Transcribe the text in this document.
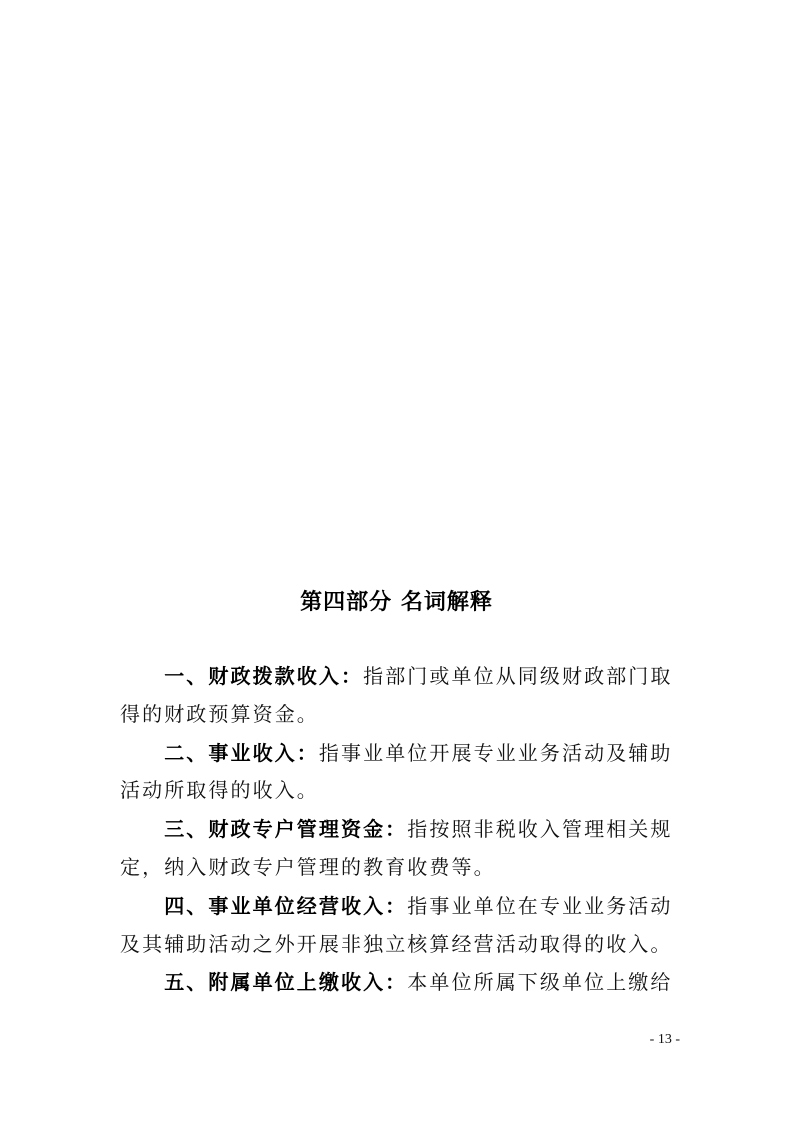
第四部分 名词解释

一、财政拨款收入：指部门或单位从同级财政部门取得的财政预算资金。

二、事业收入：指事业单位开展专业业务活动及辅助活动所取得的收入。

三、财政专户管理资金：指按照非税收入管理相关规定，纳入财政专户管理的教育收费等。

四、事业单位经营收入：指事业单位在专业业务活动及其辅助活动之外开展非独立核算经营活动取得的收入。

五、附属单位上缴收入：本单位所属下级单位上缴给

- 13 -
